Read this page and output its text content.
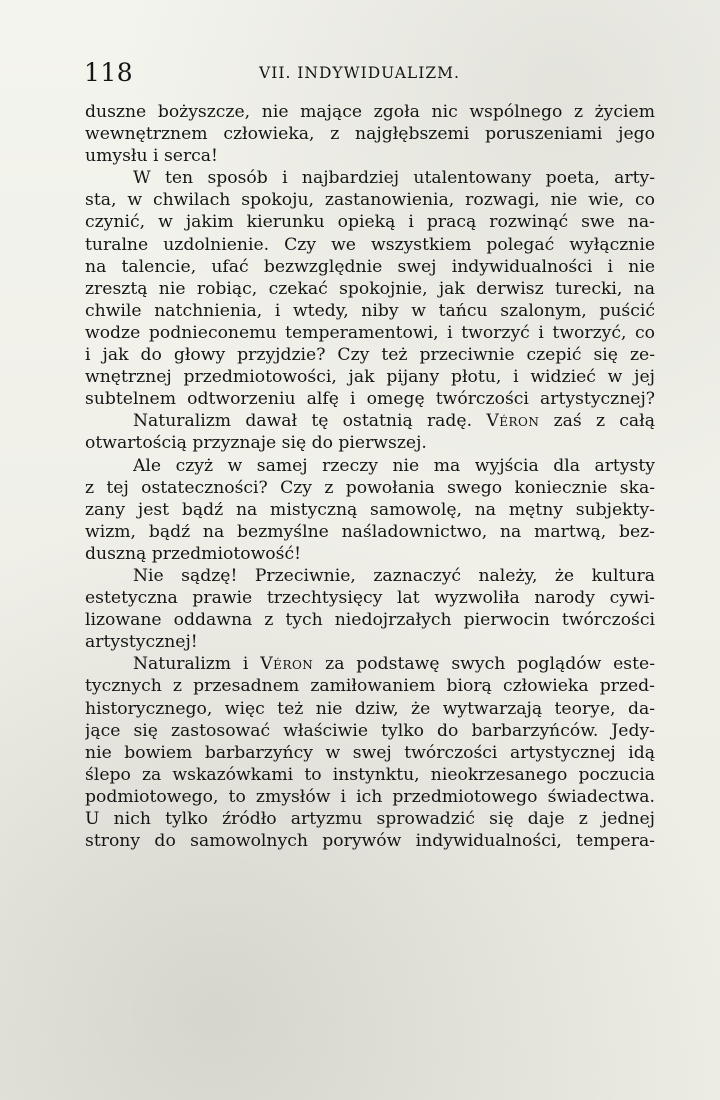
118	VII. INDYWIDUALIZM.
duszne bożyszcze, nie mające zgoła nic wspólnego z życiem
wewnętrznem człowieka, z najgłębszemi poruszeniami jego
umysłu i serca!
W ten sposób i najbardziej utalentowany poeta, arty-
sta, w chwilach spokoju, zastanowienia, rozwagi, nie wie, co
czynić, w jakim kierunku opieką i pracą rozwinąć swe na-
turalne uzdolnienie. Czy we wszystkiem polegać wyłącznie
na talencie, ufać bezwzględnie swej indywidualności i nie
zresztą nie robiąc, czekać spokojnie, jak derwisz turecki, na
chwile natchnienia, i wtedy, niby w tańcu szalonym, puścić
wodze podnieconemu temperamentowi, i tworzyć i tworzyć, co
i jak do głowy przyjdzie? Czy też przeciwnie czepić się ze-
wnętrznej przedmiotowości, jak pijany płotu, i widzieć w jej
subtelnem odtworzeniu alfę i omegę twórczości artystycznej?
Naturalizm dawał tę ostatnią radę. Véron zaś z całą
otwartością przyznaje się do pierwszej.
Ale czyż w samej rzeczy nie ma wyjścia dla artysty
z tej ostateczności? Czy z powołania swego koniecznie ska-
zany jest bądź na mistyczną samowolę, na mętny subjekty-
wizm, bądź na bezmyślne naśladownictwo, na martwą, bez-
duszną przedmiotowość!
Nie sądzę! Przeciwnie, zaznaczyć należy, że kultura
estetyczna prawie trzechtysięcy lat wyzwoliła narody cywi-
lizowane oddawna z tych niedojrzałych pierwocin twórczości
artystycznej!
Naturalizm i Véron za podstawę swych poglądów este-
tycznych z przesadnem zamiłowaniem biorą człowieka przed-
historycznego, więc też nie dziw, że wytwarzają teorye, da-
jące się zastosować właściwie tylko do barbarzyńców. Jedy-
nie bowiem barbarzyńcy w swej twórczości artystycznej idą
ślepo za wskazówkami to instynktu, nieokrzesanego poczucia
podmiotowego, to zmysłów i ich przedmiotowego świadectwa.
U nich tylko źródło artyzmu sprowadzić się daje z jednej
strony do samowolnych porywów indywidualności, tempera-
